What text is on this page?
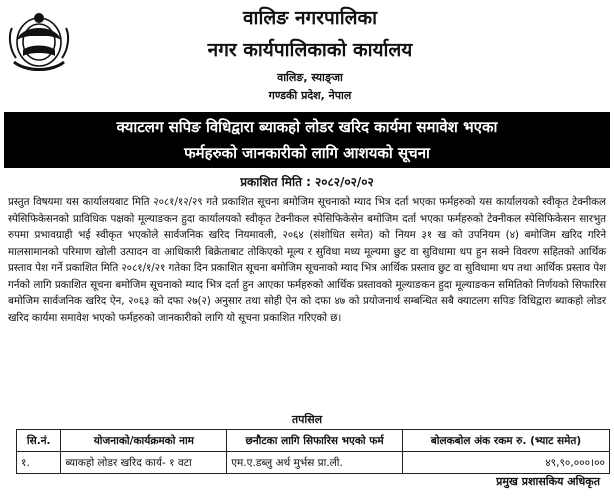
वालिङ नगरपालिका
नगर कार्यपालिकाको कार्यालय
वालिङ, स्याङ्जा
गण्डकी प्रदेश, नेपाल
क्याटलग सपिङ विधिद्वारा ब्याकहो लोडर खरिद कार्यमा समावेश भएका
फर्महरुको जानकारीको लागि आशयको सूचना
प्रकाशित मिति : २०८२/०२/०२
प्रस्तुत विषयमा यस कार्यालयबाट मिति २०८१/१२/२९ गते प्रकाशित सूचना बमोजिम सूचनाको म्याद भित्र दर्ता भएका फर्महरुको यस कार्यालयको स्वीकृत टेक्नीकल स्पेसिफिकेसनको प्राविधिक पक्षको मूल्याङकन हुदा कार्यालयको स्वीकृत टेक्नीकल स्पेसिफिकेसेन बमोजिम दर्ता भएका फर्महरुको टेक्नीकल स्पेसिफिकेसन सारभुत रुपमा प्रभावग्राही भई स्वीकृत भएकोले सार्वजनिक खरिद नियमावली, २०६४ (संशोधित समेत) को नियम ३१ ख को उपनियम (४) बमोजिम खरिद गरिने मालसामानको परिमाण खोली उत्पादन वा आधिकारी बिक्रेताबाट तोकिएको मूल्य र सुविधा मध्य मूल्यमा छुट वा सुविधामा थप हुन सक्ने विवरण सहितको आर्थिक प्रस्ताव पेश गर्ने प्रकाशित मिति २०८१/१/२१ गतेका दिन प्रकाशित सूचना बमोजिम सूचनाको म्याद भित्र आर्थिक प्रस्ताव छुट वा सुविधामा थप तथा आर्थिक प्रस्ताव पेश गर्नको लागि प्रकाशित सूचना बमोजिम सूचनाको म्याद भित्र दर्ता हुन आएका फर्महरुको आर्थिक प्रस्तावको मूल्याङकन हुदा मूल्याङकन समितिको निर्णयको सिफारिस बमोजिम सार्वजनिक खरिद ऐन, २०६३ को दफा २७(२) अनुसार तथा सोही ऐन को दफा ४७ को प्रयोजनार्थ सम्बन्धित सबै क्याटलग सपिङ विधिद्वारा ब्याकहो लोडर खरिद कार्यमा समावेश भएको फर्महरुको जानकारीको लागि यो सूचना प्रकाशित गरिएको छ।
तपसिल
सि.नं.	योजनाको/कार्यक्रमको नाम	छनौटका लागि सिफारिस भएको फर्म	बोलकबोल अंक रकम रु. (भ्याट समेत)
१.	ब्याकहो लोडर खरिद कार्य- १ वटा	एम.ए.डब्लु अर्थ मुर्भस प्रा.ली.	४९,९०,०००।००
प्रमुख प्रशासकिय अधिकृत
